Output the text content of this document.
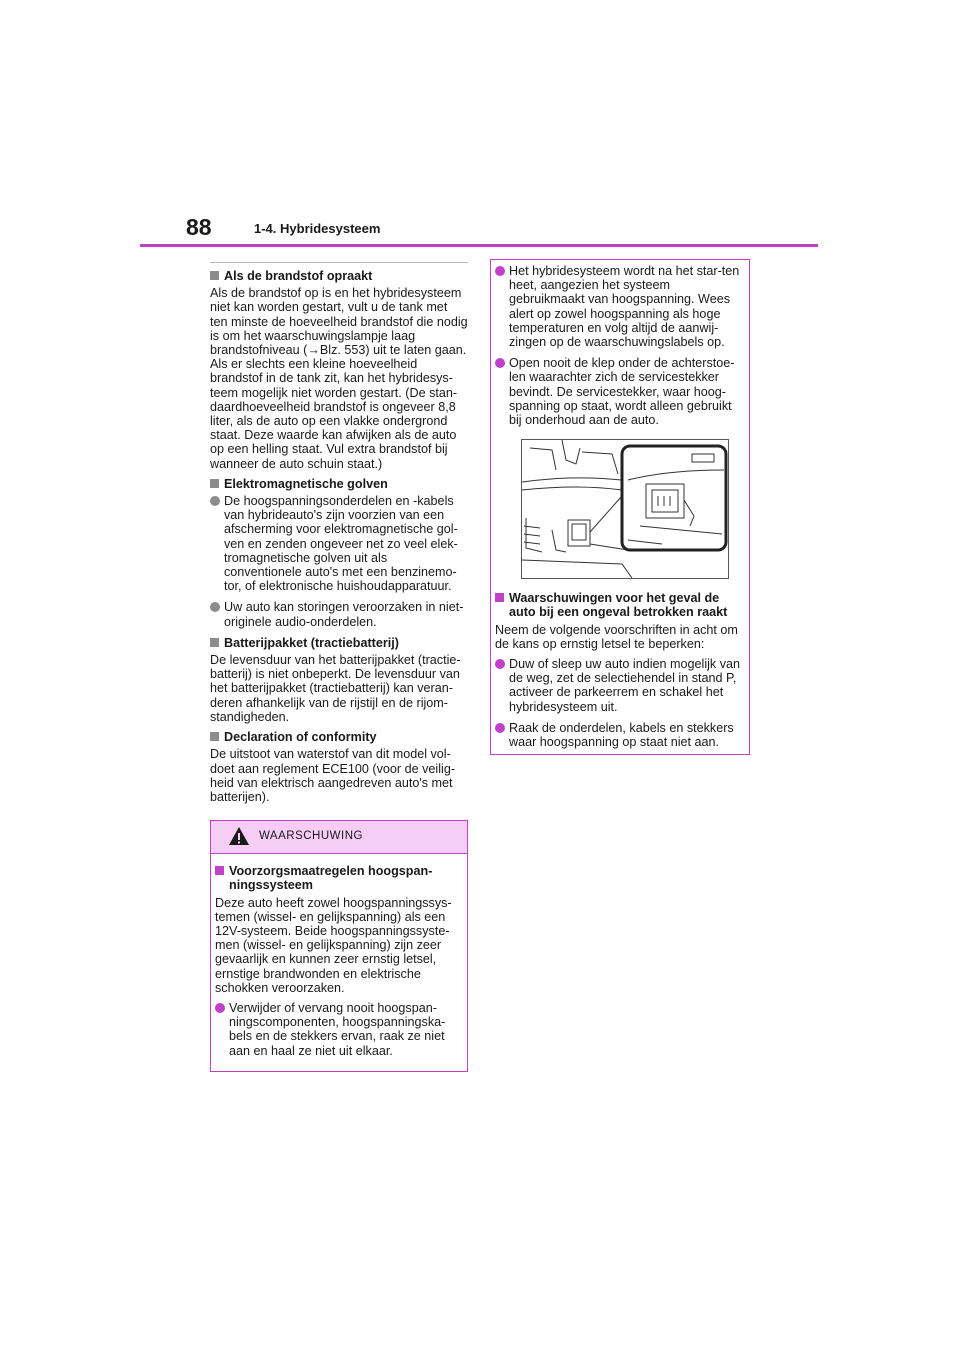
88	1-4. Hybridesysteem
Als de brandstof opraakt

Als de brandstof op is en het hybridesysteem niet kan worden gestart, vult u de tank met ten minste de hoeveelheid brandstof die nodig is om het waarschuwingslampje laag brandstofniveau (→Blz. 553) uit te laten gaan. Als er slechts een kleine hoeveelheid brandstof in de tank zit, kan het hybridesys-teem mogelijk niet worden gestart. (De stan-daardhoeveelheid brandstof is ongeveer 8,8 liter, als de auto op een vlakke ondergrond staat. Deze waarde kan afwijken als de auto op een helling staat. Vul extra brandstof bij wanneer de auto schuin staat.)

Elektromagnetische golven
De hoogspanningsonderdelen en -kabels van hybrideauto's zijn voorzien van een afscherming voor elektromagnetische gol-ven en zenden ongeveer net zo veel elek-tromagnetische golven uit als conventionele auto's met een benzinemo-tor, of elektronische huishoudapparatuur.
Uw auto kan storingen veroorzaken in niet-originele audio-onderdelen.
Batterijpakket (tractiebatterij)

De levensduur van het batterijpakket (tractie-batterij) is niet onbeperkt. De levensduur van het batterijpakket (tractiebatterij) kan veran-deren afhankelijk van de rijstijl en de rijom-standigheden.

Declaration of conformity

De uitstoot van waterstof van dit model vol-doet aan reglement ECE100 (voor de veilig-heid van elektrisch aangedreven auto's met batterijen).

WAARSCHUWING
Voorzorgsmaatregelen hoogspan-ningssysteem

Deze auto heeft zowel hoogspanningssys-temen (wissel- en gelijkspanning) als een 12V-systeem. Beide hoogspanningssyste-men (wissel- en gelijkspanning) zijn zeer gevaarlijk en kunnen zeer ernstig letsel, ernstige brandwonden en elektrische schokken veroorzaken.

Verwijder of vervang nooit hoogspan-ningscomponenten, hoogspanningska-bels en de stekkers ervan, raak ze niet aan en haal ze niet uit elkaar.
Het hybridesysteem wordt na het star-ten heet, aangezien het systeem gebruikmaakt van hoogspanning. Wees alert op zowel hoogspanning als hoge temperaturen en volg altijd de aanwij-zingen op de waarschuwingslabels op.
Open nooit de klep onder de achterstoe-len waarachter zich de servicestekker bevindt. De servicestekker, waar hoog-spanning op staat, wordt alleen gebruikt bij onderhoud aan de auto.
Waarschuwingen voor het geval de auto bij een ongeval betrokken raakt

Neem de volgende voorschriften in acht om de kans op ernstig letsel te beperken:

Duw of sleep uw auto indien mogelijk van de weg, zet de selectiehendel in stand P, activeer de parkeerrem en schakel het hybridesysteem uit.
Raak de onderdelen, kabels en stekkers waar hoogspanning op staat niet aan.
